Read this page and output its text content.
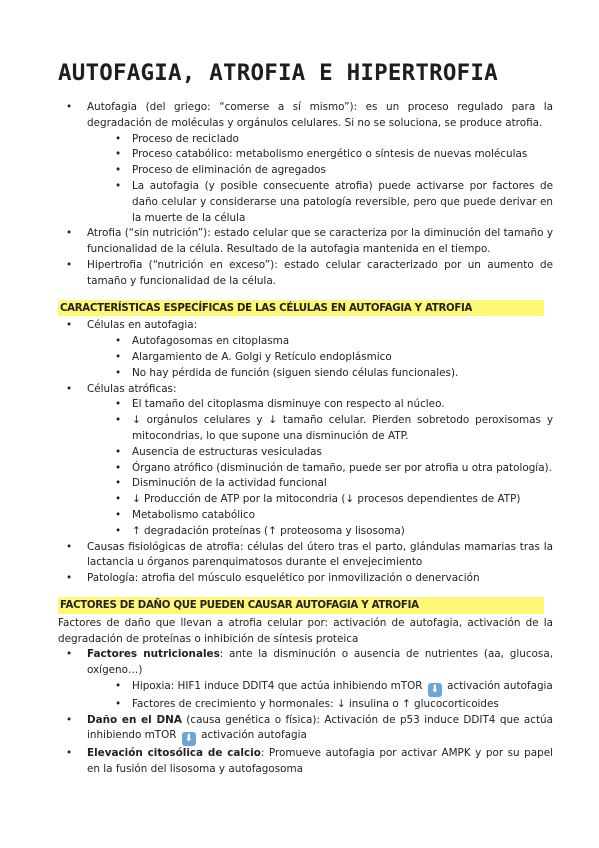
AUTOFAGIA, ATROFIA E HIPERTROFIA
• Autofagia (del griego: “comerse a sí mismo”): es un proceso regulado para la degradación de moléculas y orgánulos celulares. Si no se soluciona, se produce atrofia.
• Proceso de reciclado
• Proceso catabólico: metabolismo energético o síntesis de nuevas moléculas
• Proceso de eliminación de agregados
• La autofagia (y posible consecuente atrofia) puede activarse por factores de daño celular y considerarse una patología reversible, pero que puede derivar en la muerte de la célula
• Atrofia (“sin nutrición”): estado celular que se caracteriza por la diminución del tamaño y funcionalidad de la célula. Resultado de la autofagia mantenida en el tiempo.
• Hipertrofia (“nutrición en exceso”): estado celular caracterizado por un aumento de tamaño y funcionalidad de la célula.
CARACTERÍSTICAS ESPECÍFICAS DE LAS CÉLULAS EN AUTOFAGIA Y ATROFIA
• Células en autofagia:
• Autofagosomas en citoplasma
• Alargamiento de A. Golgi y Retículo endoplásmico
• No hay pérdida de función (siguen siendo células funcionales).
• Células atróficas:
• El tamaño del citoplasma disminuye con respecto al núcleo.
• ↓ orgánulos celulares y ↓ tamaño celular. Pierden sobretodo peroxisomas y mitocondrias, lo que supone una disminución de ATP.
• Ausencia de estructuras vesiculadas
• Órgano atrófico (disminución de tamaño, puede ser por atrofia u otra patología).
• Disminución de la actividad funcional
• ↓ Producción de ATP por la mitocondria (↓ procesos dependientes de ATP)
• Metabolismo catabólico
• ↑ degradación proteínas (↑ proteosoma y lisosoma)
• Causas fisiológicas de atrofia: células del útero tras el parto, glándulas mamarias tras la lactancia u órganos parenquimatosos durante el envejecimiento
• Patología: atrofia del músculo esquelético por inmovilización o denervación
FACTORES DE DAÑO QUE PUEDEN CAUSAR AUTOFAGIA Y ATROFIA

Factores de daño que llevan a atrofia celular por: activación de autofagia, activación de la degradación de proteínas o inhibición de síntesis proteica

• Factores nutricionales: ante la disminución o ausencia de nutrientes (aa, glucosa, oxígeno…)
• Hipoxia: HIF1 induce DDIT4 que actúa inhibiendo mTOR ⬇ activación autofagia
• Factores de crecimiento y hormonales: ↓ insulina o ↑ glucocorticoides
• Daño en el DNA (causa genética o física): Activación de p53 induce DDIT4 que actúa inhibiendo mTOR ⬇ activación autofagia
• Elevación citosólica de calcio: Promueve autofagia por activar AMPK y por su papel en la fusión del lisosoma y autofagosoma
